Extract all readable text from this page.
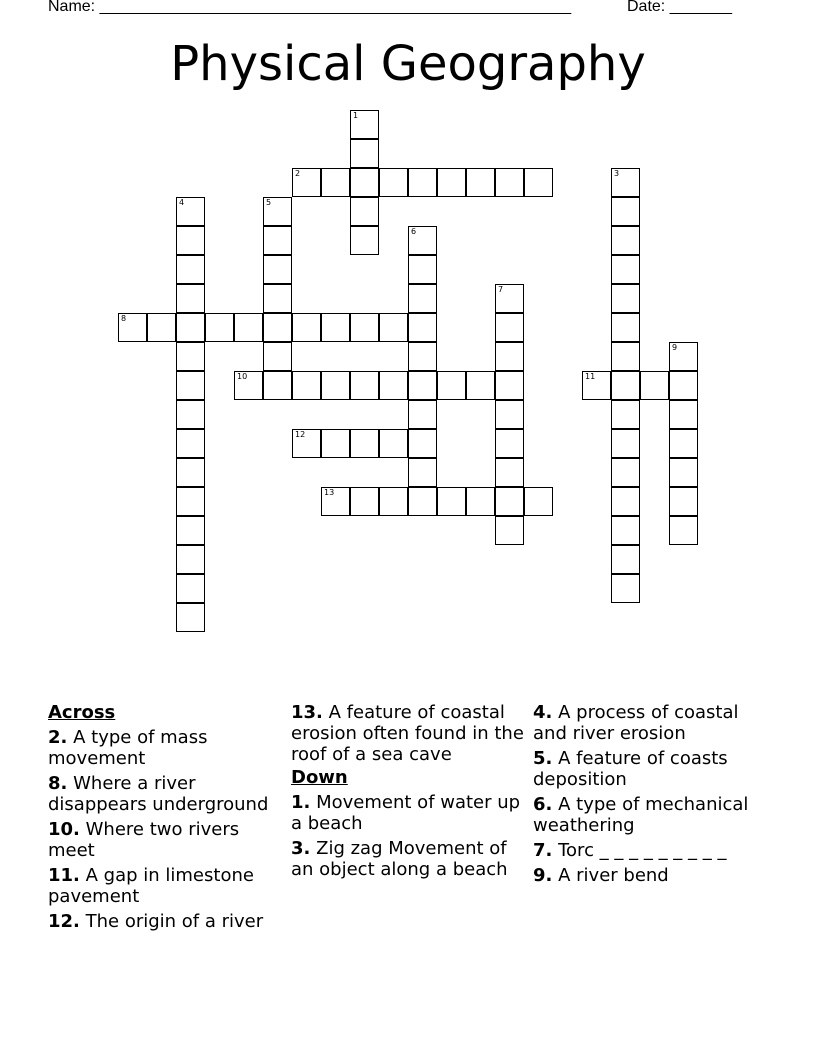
Name: _____________________________________________________	Date: _______
Physical Geography
1
2	3
4	5
6
7
8
9
10	11
12
13
Across
2. A type of mass movement
8. Where a river disappears underground
10. Where two rivers meet
11. A gap in limestone pavement
12. The origin of a river
13. A feature of coastal erosion often found in the roof of a sea cave
Down
1. Movement of water up a beach
3. Zig zag Movement of an object along a beach
4. A process of coastal and river erosion
5. A feature of coasts deposition
6. A type of mechanical weathering
7. Torc _ _ _ _ _ _ _ _ _
9. A river bend
